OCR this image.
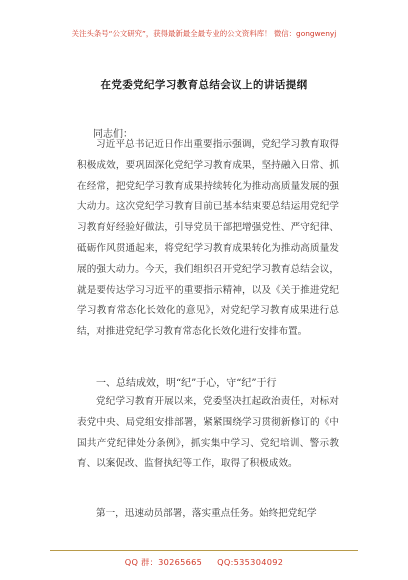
关注头条号“公文研究”，获得最新最全最专业的公文资料库！ 微信：gongwenyj
在党委党纪学习教育总结会议上的讲话提纲
同志们：

习近平总书记近日作出重要指示强调，党纪学习教育取得积极成效，要巩固深化党纪学习教育成果，坚持融入日常、抓在经常，把党纪学习教育成果持续转化为推动高质量发展的强大动力。这次党纪学习教育目前已基本结束要总结运用党纪学习教育好经验好做法，引导党员干部把增强党性、严守纪律、砥砺作风贯通起来，将党纪学习教育成果转化为推动高质量发展的强大动力。今天，我们组织召开党纪学习教育总结会议，就是要传达学习习近平的重要指示精神，以及《关于推进党纪学习教育常态化长效化的意见》，对党纪学习教育成果进行总结，对推进党纪学习教育常态化长效化进行安排布置。

一、总结成效，明“纪”于心，守“纪”于行

党纪学习教育开展以来，党委坚决扛起政治责任，对标对表党中央、局党组安排部署，紧紧围绕学习贯彻新修订的《中国共产党纪律处分条例》，抓实集中学习、党纪培训、警示教育、以案促改、监督执纪等工作，取得了积极成效。

第一，迅速动员部署，落实重点任务。始终把党纪学

QQ 群：30265665 QQ:535304092
